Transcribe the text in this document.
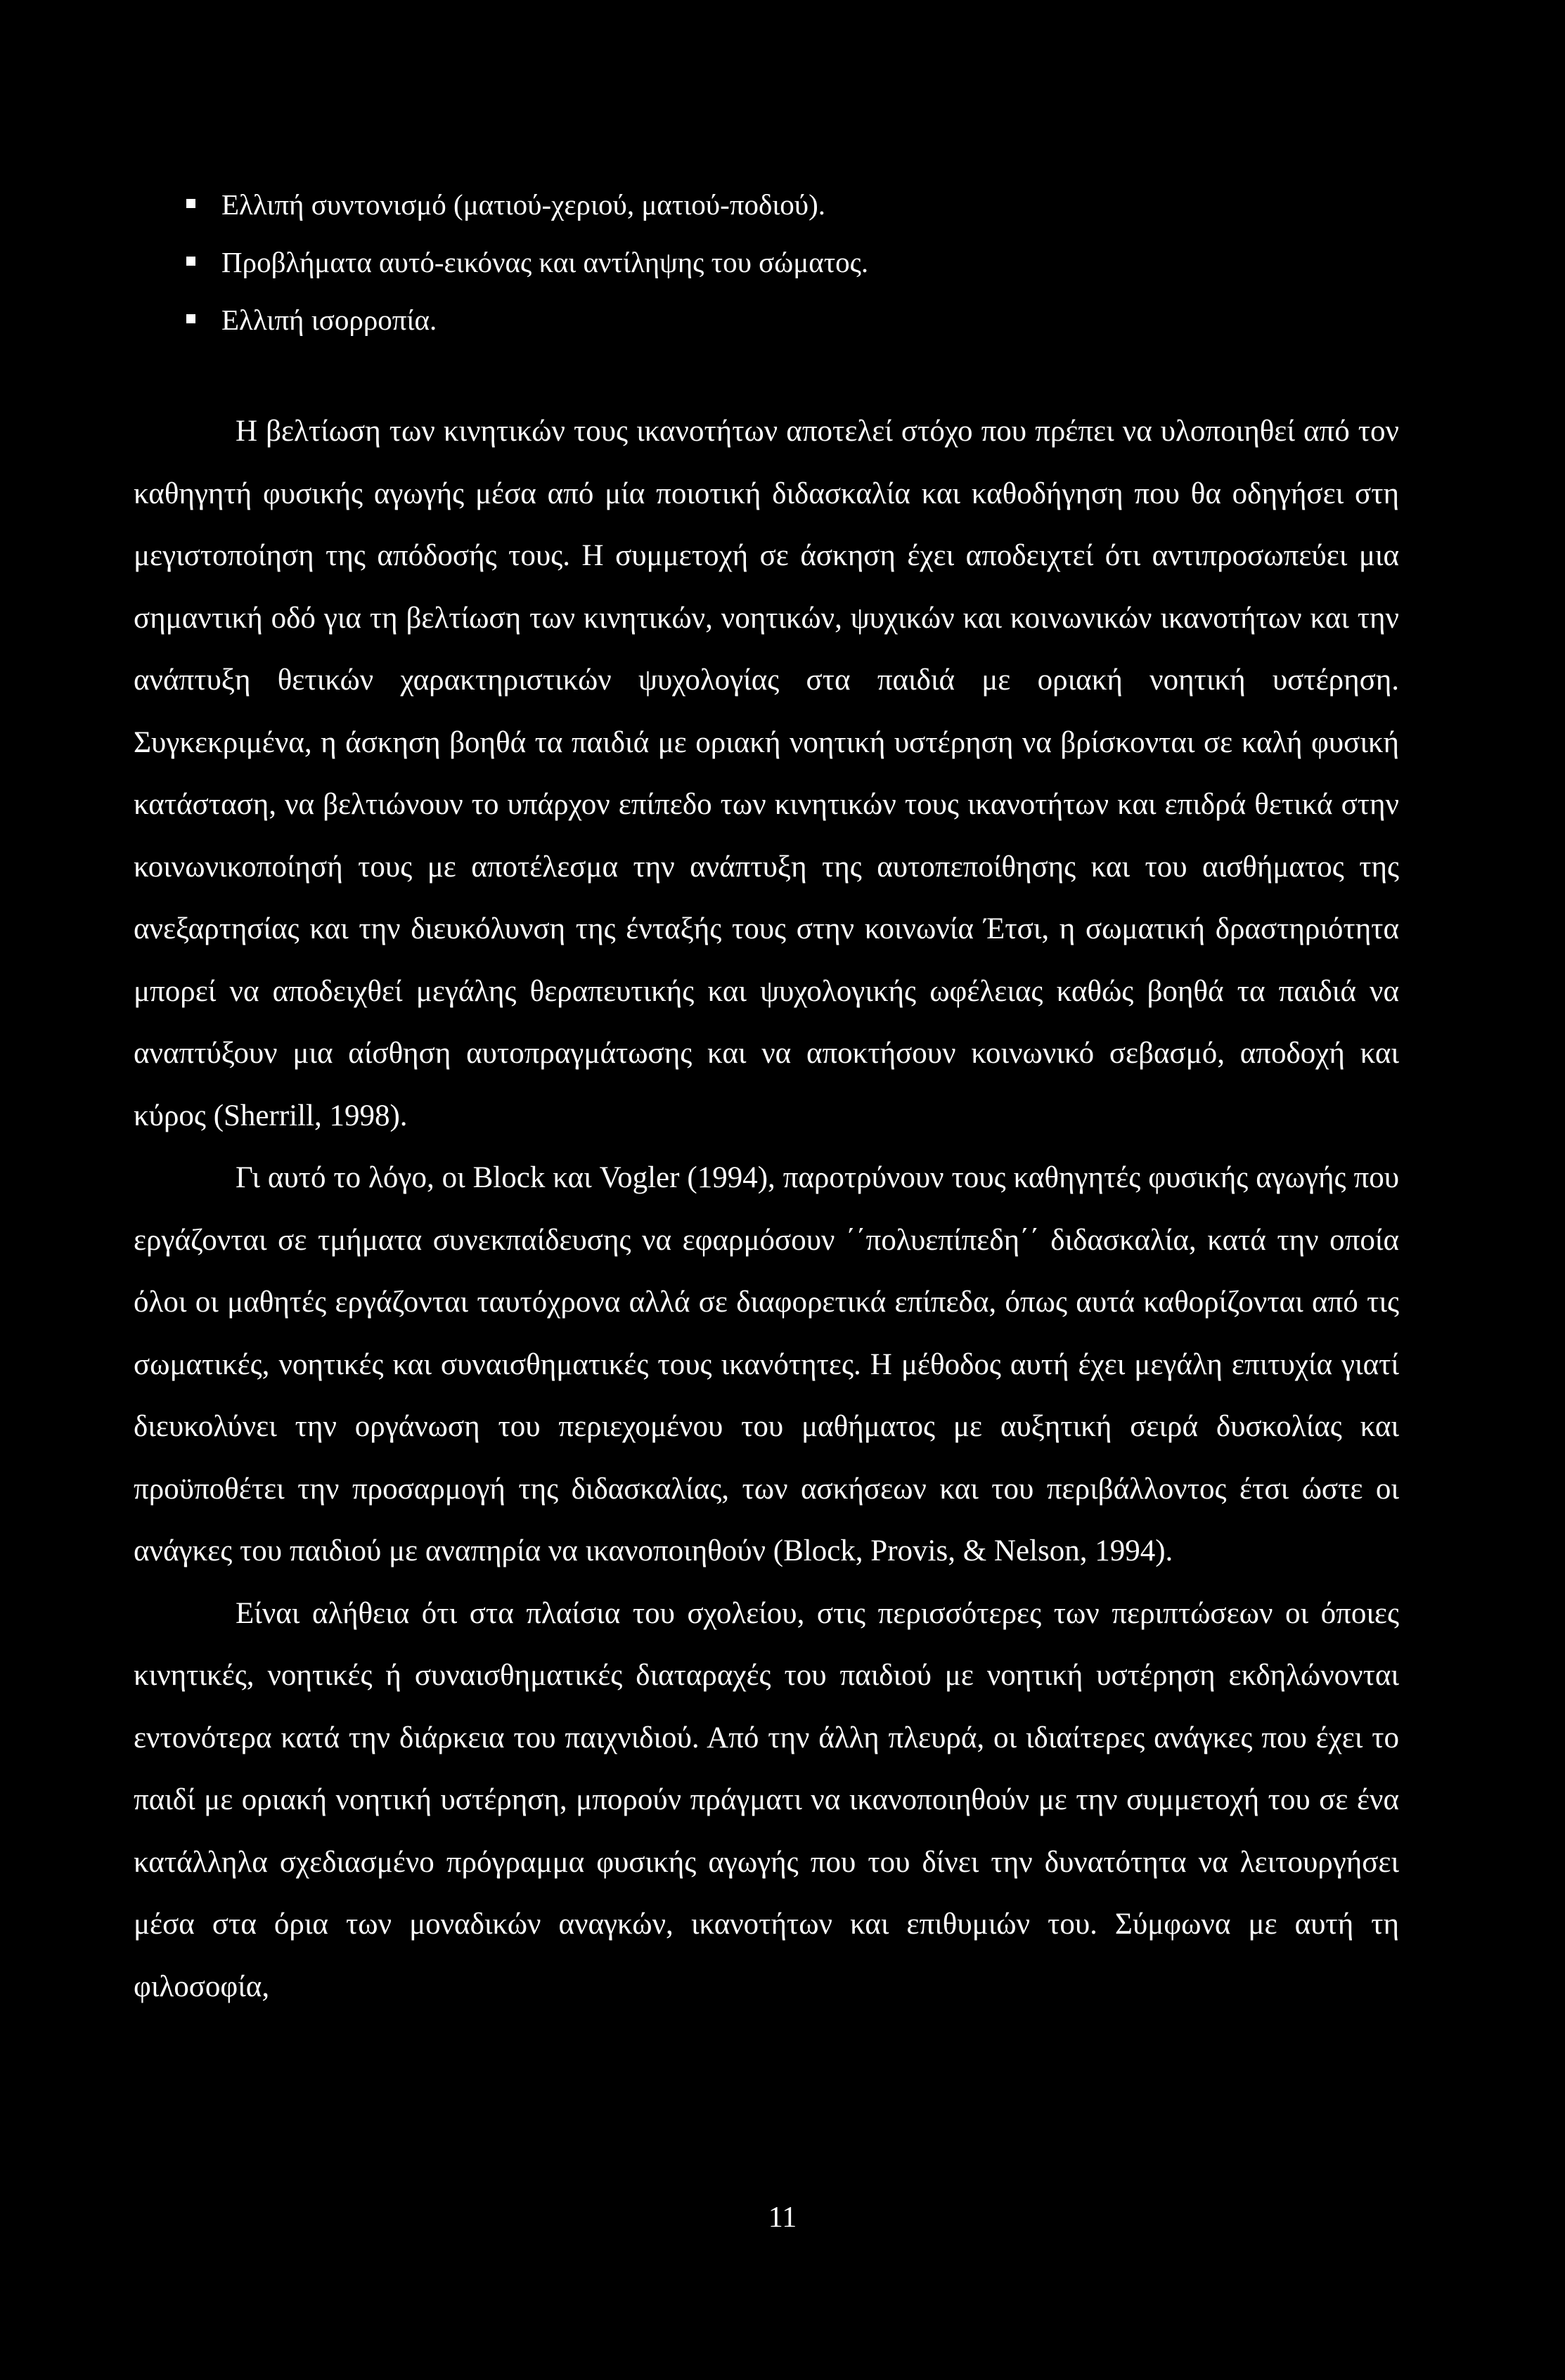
Ελλιπή συντονισμό (ματιού-χεριού, ματιού-ποδιού).
Προβλήματα αυτό-εικόνας και αντίληψης του σώματος.
Ελλιπή ισορροπία.

Η βελτίωση των κινητικών τους ικανοτήτων αποτελεί στόχο που πρέπει να υλοποιηθεί από τον καθηγητή φυσικής αγωγής μέσα από μία ποιοτική διδασκαλία και καθοδήγηση που θα οδηγήσει στη μεγιστοποίηση της απόδοσής τους. Η συμμετοχή σε άσκηση έχει αποδειχτεί ότι αντιπροσωπεύει μια σημαντική οδό για τη βελτίωση των κινητικών, νοητικών, ψυχικών και κοινωνικών ικανοτήτων και την ανάπτυξη θετικών χαρακτηριστικών ψυχολογίας στα παιδιά με οριακή νοητική υστέρηση. Συγκεκριμένα, η άσκηση βοηθά τα παιδιά με οριακή νοητική υστέρηση να βρίσκονται σε καλή φυσική κατάσταση, να βελτιώνουν το υπάρχον επίπεδο των κινητικών τους ικανοτήτων και επιδρά θετικά στην κοινωνικοποίησή τους με αποτέλεσμα την ανάπτυξη της αυτοπεποίθησης και του αισθήματος της ανεξαρτησίας και την διευκόλυνση της ένταξής τους στην κοινωνία Έτσι, η σωματική δραστηριότητα μπορεί να αποδειχθεί μεγάλης θεραπευτικής και ψυχολογικής ωφέλειας καθώς βοηθά τα παιδιά να αναπτύξουν μια αίσθηση αυτοπραγμάτωσης και να αποκτήσουν κοινωνικό σεβασμό, αποδοχή και κύρος (Sherrill, 1998).

Γι αυτό το λόγο, οι Block και Vogler (1994), παροτρύνουν τους καθηγητές φυσικής αγωγής που εργάζονται σε τμήματα συνεκπαίδευσης να εφαρμόσουν ΄΄πολυεπίπεδη΄΄ διδασκαλία, κατά την οποία όλοι οι μαθητές εργάζονται ταυτόχρονα αλλά σε διαφορετικά επίπεδα, όπως αυτά καθορίζονται από τις σωματικές, νοητικές και συναισθηματικές τους ικανότητες. Η μέθοδος αυτή έχει μεγάλη επιτυχία γιατί διευκολύνει την οργάνωση του περιεχομένου του μαθήματος με αυξητική σειρά δυσκολίας και προϋποθέτει την προσαρμογή της διδασκαλίας, των ασκήσεων και του περιβάλλοντος έτσι ώστε οι ανάγκες του παιδιού με αναπηρία να ικανοποιηθούν (Block, Provis, & Nelson, 1994).

Είναι αλήθεια ότι στα πλαίσια του σχολείου, στις περισσότερες των περιπτώσεων οι όποιες κινητικές, νοητικές ή συναισθηματικές διαταραχές του παιδιού με νοητική υστέρηση εκδηλώνονται εντονότερα κατά την διάρκεια του παιχνιδιού. Από την άλλη πλευρά, οι ιδιαίτερες ανάγκες που έχει το παιδί με οριακή νοητική υστέρηση, μπορούν πράγματι να ικανοποιηθούν με την συμμετοχή του σε ένα κατάλληλα σχεδιασμένο πρόγραμμα φυσικής αγωγής που του δίνει την δυνατότητα να λειτουργήσει μέσα στα όρια των μοναδικών αναγκών, ικανοτήτων και επιθυμιών του. Σύμφωνα με αυτή τη φιλοσοφία,

11
